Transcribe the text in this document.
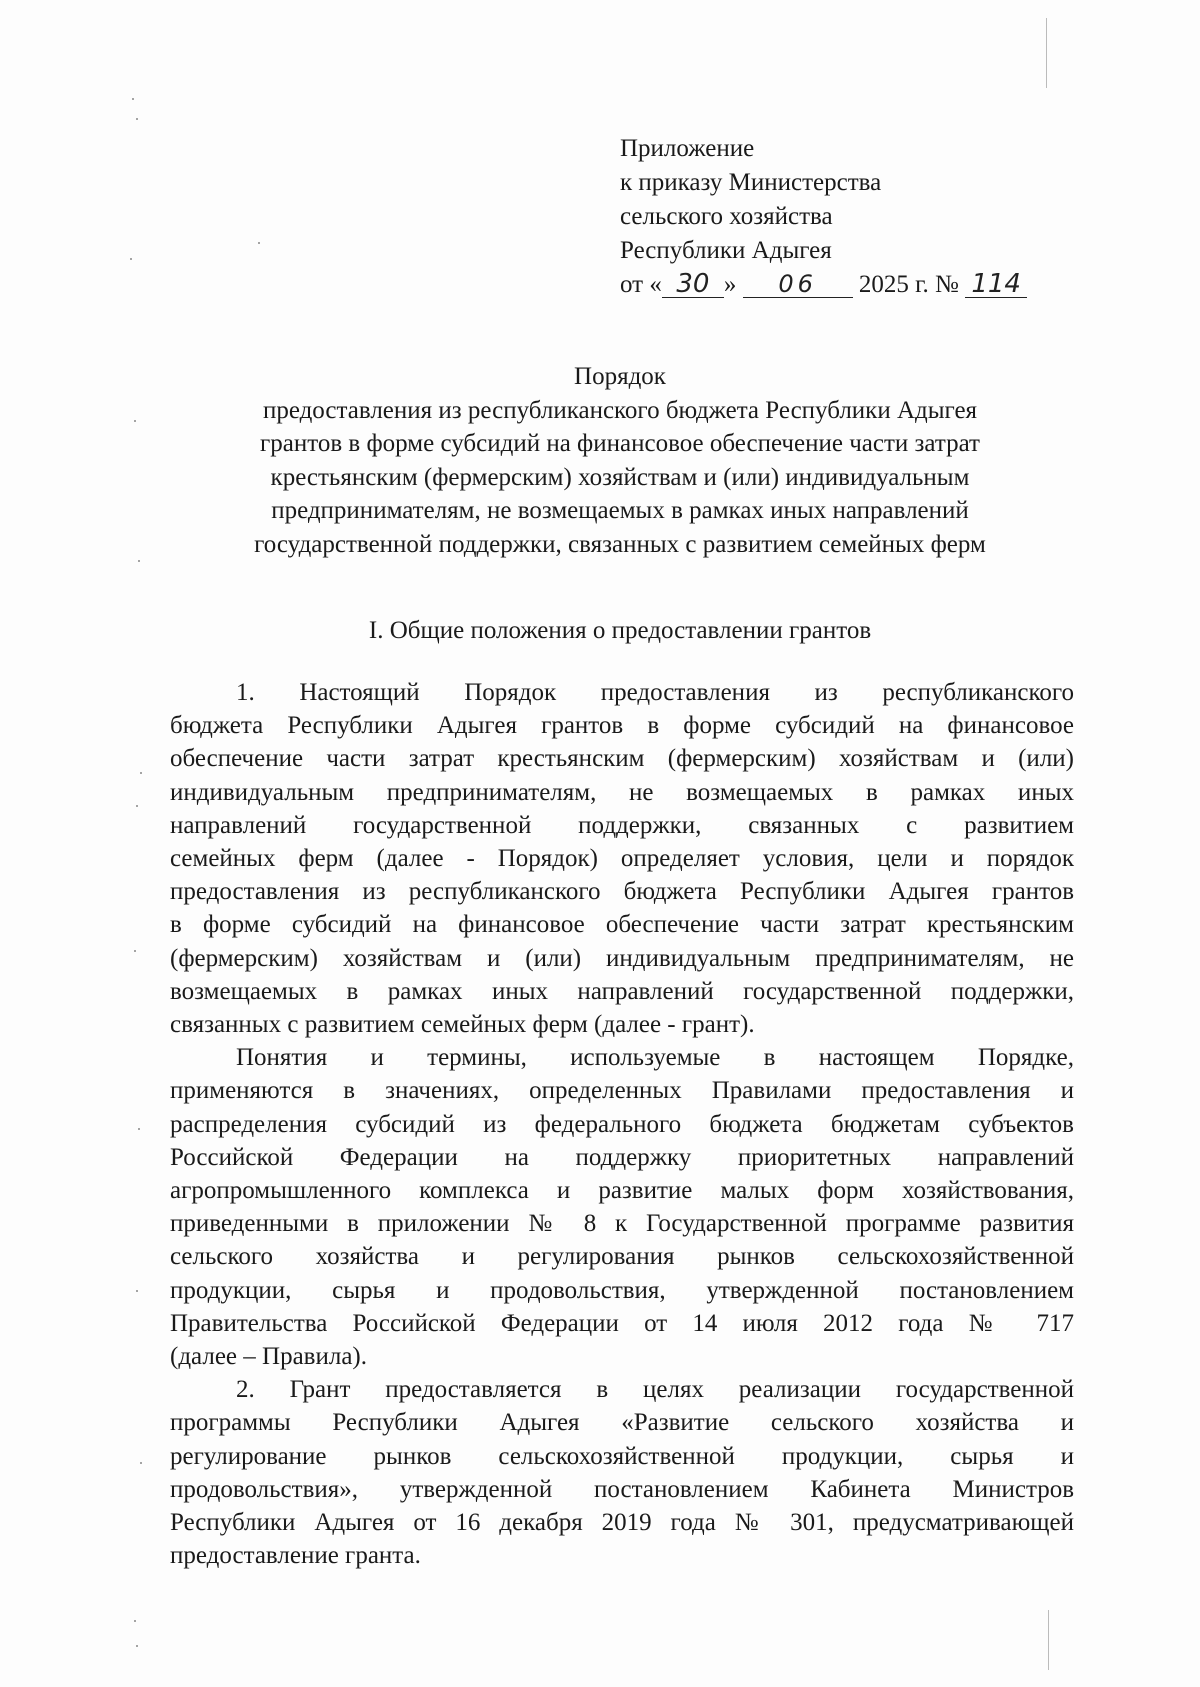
Приложение
к приказу Министерства
сельского хозяйства
Республики Адыгея
от « 30 » 06 2025 г. № 114
Порядок
предоставления из республиканского бюджета Республики Адыгея
грантов в форме субсидий на финансовое обеспечение части затрат
крестьянским (фермерским) хозяйствам и (или) индивидуальным
предпринимателям, не возмещаемых в рамках иных направлений
государственной поддержки, связанных с развитием семейных ферм
I. Общие положения о предоставлении грантов

1. Настоящий Порядок предоставления из республиканского
бюджета Республики Адыгея грантов в форме субсидий на финансовое
обеспечение части затрат крестьянским (фермерским) хозяйствам и (или)
индивидуальным предпринимателям, не возмещаемых в рамках иных
направлений государственной поддержки, связанных с развитием
семейных ферм (далее - Порядок) определяет условия, цели и порядок
предоставления из республиканского бюджета Республики Адыгея грантов
в форме субсидий на финансовое обеспечение части затрат крестьянским
(фермерским) хозяйствам и (или) индивидуальным предпринимателям, не
возмещаемых в рамках иных направлений государственной поддержки,
связанных с развитием семейных ферм (далее - грант).

Понятия и термины, используемые в настоящем Порядке,
применяются в значениях, определенных Правилами предоставления и
распределения субсидий из федерального бюджета бюджетам субъектов
Российской Федерации на поддержку приоритетных направлений
агропромышленного комплекса и развитие малых форм хозяйствования,
приведенными в приложении № 8 к Государственной программе развития
сельского хозяйства и регулирования рынков сельскохозяйственной
продукции, сырья и продовольствия, утвержденной постановлением
Правительства Российской Федерации от 14 июля 2012 года № 717
(далее – Правила).

2. Грант предоставляется в целях реализации государственной
программы Республики Адыгея «Развитие сельского хозяйства и
регулирование рынков сельскохозяйственной продукции, сырья и
продовольствия», утвержденной постановлением Кабинета Министров
Республики Адыгея от 16 декабря 2019 года № 301, предусматривающей
предоставление гранта.
